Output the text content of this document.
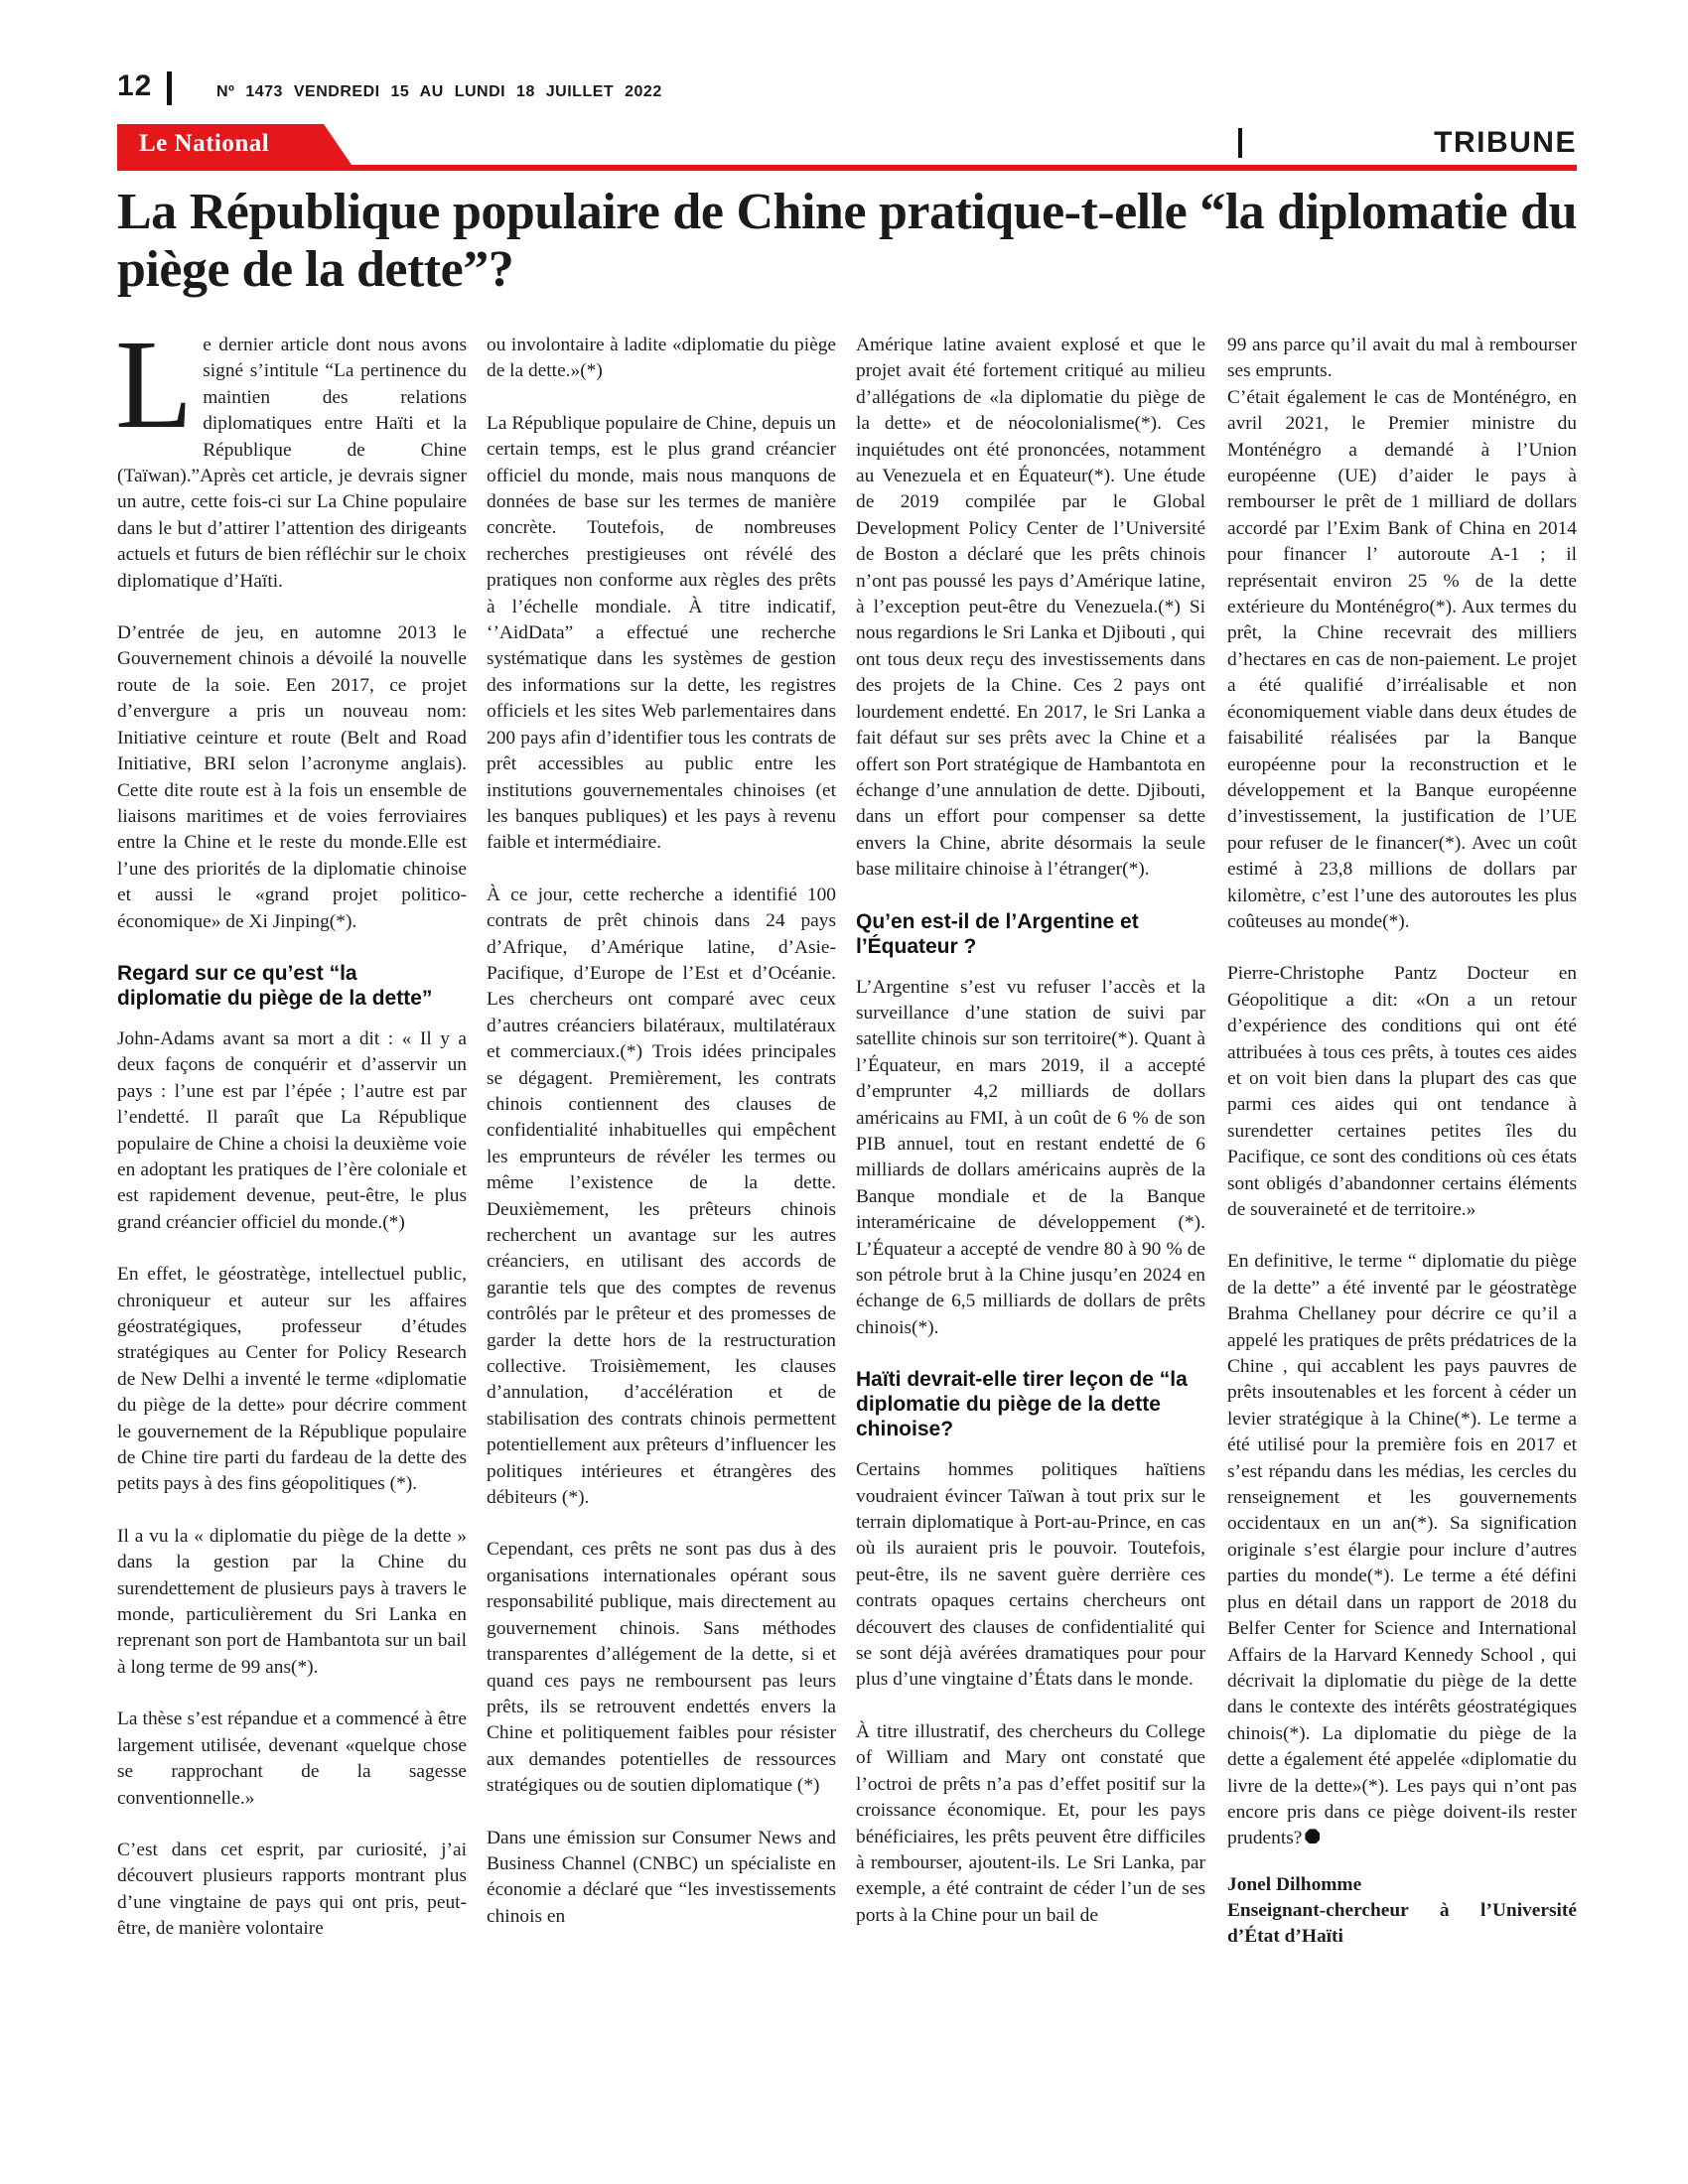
12	Nº 1473 VENDREDI 15 AU LUNDI 18 JUILLET 2022
Le National	TRIBUNE
La République populaire de Chine pratique-t-elle “la diplomatie du piège de la dette”?

Le dernier article dont nous avons signé s’intitule “La pertinence du maintien des relations diplomatiques entre Haïti et la République de Chine (Taïwan).”Après cet article, je devrais signer un autre, cette fois-ci sur La Chine populaire dans le but d’attirer l’attention des dirigeants actuels et futurs de bien réfléchir sur le choix diplomatique d’Haïti.

D’entrée de jeu, en automne 2013 le Gouvernement chinois a dévoilé la nouvelle route de la soie. Een 2017, ce projet d’envergure a pris un nouveau nom: Initiative ceinture et route (Belt and Road Initiative, BRI selon l’acronyme anglais). Cette dite route est à la fois un ensemble de liaisons maritimes et de voies ferroviaires entre la Chine et le reste du monde.Elle est l’une des priorités de la diplomatie chinoise et aussi le «grand projet politico-économique» de Xi Jinping(*).

Regard sur ce qu’est “la diplomatie du piège de la dette”

John-Adams avant sa mort a dit : « Il y a deux façons de conquérir et d’asservir un pays : l’une est par l’épée ; l’autre est par l’endetté. Il paraît que La République populaire de Chine a choisi la deuxième voie en adoptant les pratiques de l’ère coloniale et est rapidement devenue, peut-être, le plus grand créancier officiel du monde.(*)

En effet, le géostratège, intellectuel public, chroniqueur et auteur sur les affaires géostratégiques, professeur d’études stratégiques au Center for Policy Research de New Delhi a inventé le terme «diplomatie du piège de la dette» pour décrire comment le gouvernement de la République populaire de Chine tire parti du fardeau de la dette des petits pays à des fins géopolitiques (*).

Il a vu la « diplomatie du piège de la dette » dans la gestion par la Chine du surendettement de plusieurs pays à travers le monde, particulièrement du Sri Lanka en reprenant son port de Hambantota sur un bail à long terme de 99 ans(*).

La thèse s’est répandue et a commencé à être largement utilisée, devenant «quelque chose se rapprochant de la sagesse conventionnelle.»

C’est dans cet esprit, par curiosité, j’ai découvert plusieurs rapports montrant plus d’une vingtaine de pays qui ont pris, peut-être, de manière volontaire

ou involontaire à ladite «diplomatie du piège de la dette.»(*)

La République populaire de Chine, depuis un certain temps, est le plus grand créancier officiel du monde, mais nous manquons de données de base sur les termes de manière concrète. Toutefois, de nombreuses recherches prestigieuses ont révélé des pratiques non conforme aux règles des prêts à l’échelle mondiale. À titre indicatif, ‘’AidData” a effectué une recherche systématique dans les systèmes de gestion des informations sur la dette, les registres officiels et les sites Web parlementaires dans 200 pays afin d’identifier tous les contrats de prêt accessibles au public entre les institutions gouvernementales chinoises (et les banques publiques) et les pays à revenu faible et intermédiaire.

À ce jour, cette recherche a identifié 100 contrats de prêt chinois dans 24 pays d’Afrique, d’Amérique latine, d’Asie-Pacifique, d’Europe de l’Est et d’Océanie. Les chercheurs ont comparé avec ceux d’autres créanciers bilatéraux, multilatéraux et commerciaux.(*) Trois idées principales se dégagent. Premièrement, les contrats chinois contiennent des clauses de confidentialité inhabituelles qui empêchent les emprunteurs de révéler les termes ou même l’existence de la dette. Deuxièmement, les prêteurs chinois recherchent un avantage sur les autres créanciers, en utilisant des accords de garantie tels que des comptes de revenus contrôlés par le prêteur et des promesses de garder la dette hors de la restructuration collective. Troisièmement, les clauses d’annulation, d’accélération et de stabilisation des contrats chinois permettent potentiellement aux prêteurs d’influencer les politiques intérieures et étrangères des débiteurs (*).

Cependant, ces prêts ne sont pas dus à des organisations internationales opérant sous responsabilité publique, mais directement au gouvernement chinois. Sans méthodes transparentes d’allégement de la dette, si et quand ces pays ne remboursent pas leurs prêts, ils se retrouvent endettés envers la Chine et politiquement faibles pour résister aux demandes potentielles de ressources stratégiques ou de soutien diplomatique (*)

Dans une émission sur Consumer News and Business Channel (CNBC) un spécialiste en économie a déclaré que “les investissements chinois en

Amérique latine avaient explosé et que le projet avait été fortement critiqué au milieu d’allégations de «la diplomatie du piège de la dette» et de néocolonialisme(*). Ces inquiétudes ont été prononcées, notamment au Venezuela et en Équateur(*). Une étude de 2019 compilée par le Global Development Policy Center de l’Université de Boston a déclaré que les prêts chinois n’ont pas poussé les pays d’Amérique latine, à l’exception peut-être du Venezuela.(*) Si nous regardions le Sri Lanka et Djibouti , qui ont tous deux reçu des investissements dans des projets de la Chine. Ces 2 pays ont lourdement endetté. En 2017, le Sri Lanka a fait défaut sur ses prêts avec la Chine et a offert son Port stratégique de Hambantota en échange d’une annulation de dette. Djibouti, dans un effort pour compenser sa dette envers la Chine, abrite désormais la seule base militaire chinoise à l’étranger(*).

Qu’en est-il de l’Argentine et l’Équateur ?

L’Argentine s’est vu refuser l’accès et la surveillance d’une station de suivi par satellite chinois sur son territoire(*). Quant à l’Équateur, en mars 2019, il a accepté d’emprunter 4,2 milliards de dollars américains au FMI, à un coût de 6 % de son PIB annuel, tout en restant endetté de 6 milliards de dollars américains auprès de la Banque mondiale et de la Banque interaméricaine de développement (*). L’Équateur a accepté de vendre 80 à 90 % de son pétrole brut à la Chine jusqu’en 2024 en échange de 6,5 milliards de dollars de prêts chinois(*).

Haïti devrait-elle tirer leçon de “la diplomatie du piège de la dette chinoise?

Certains hommes politiques haïtiens voudraient évincer Taïwan à tout prix sur le terrain diplomatique à Port-au-Prince, en cas où ils auraient pris le pouvoir. Toutefois, peut-être, ils ne savent guère derrière ces contrats opaques certains chercheurs ont découvert des clauses de confidentialité qui se sont déjà avérées dramatiques pour pour plus d’une vingtaine d’États dans le monde.

À titre illustratif, des chercheurs du College of William and Mary ont constaté que l’octroi de prêts n’a pas d’effet positif sur la croissance économique. Et, pour les pays bénéficiaires, les prêts peuvent être difficiles à rembourser, ajoutent-ils. Le Sri Lanka, par exemple, a été contraint de céder l’un de ses ports à la Chine pour un bail de

99 ans parce qu’il avait du mal à rembourser ses emprunts.

C’était également le cas de Monténégro, en avril 2021, le Premier ministre du Monténégro a demandé à l’Union européenne (UE) d’aider le pays à rembourser le prêt de 1 milliard de dollars accordé par l’Exim Bank of China en 2014 pour financer l’ autoroute A-1 ; il représentait environ 25 % de la dette extérieure du Monténégro(*). Aux termes du prêt, la Chine recevrait des milliers d’hectares en cas de non-paiement. Le projet a été qualifié d’irréalisable et non économiquement viable dans deux études de faisabilité réalisées par la Banque européenne pour la reconstruction et le développement et la Banque européenne d’investissement, la justification de l’UE pour refuser de le financer(*). Avec un coût estimé à 23,8 millions de dollars par kilomètre, c’est l’une des autoroutes les plus coûteuses au monde(*).

Pierre-Christophe Pantz Docteur en Géopolitique a dit: «On a un retour d’expérience des conditions qui ont été attribuées à tous ces prêts, à toutes ces aides et on voit bien dans la plupart des cas que parmi ces aides qui ont tendance à surendetter certaines petites îles du Pacifique, ce sont des conditions où ces états sont obligés d’abandonner certains éléments de souveraineté et de territoire.»

En definitive, le terme “ diplomatie du piège de la dette” a été inventé par le géostratège Brahma Chellaney pour décrire ce qu’il a appelé les pratiques de prêts prédatrices de la Chine , qui accablent les pays pauvres de prêts insoutenables et les forcent à céder un levier stratégique à la Chine(*). Le terme a été utilisé pour la première fois en 2017 et s’est répandu dans les médias, les cercles du renseignement et les gouvernements occidentaux en un an(*). Sa signification originale s’est élargie pour inclure d’autres parties du monde(*). Le terme a été défini plus en détail dans un rapport de 2018 du Belfer Center for Science and International Affairs de la Harvard Kennedy School , qui décrivait la diplomatie du piège de la dette dans le contexte des intérêts géostratégiques chinois(*). La diplomatie du piège de la dette a également été appelée «diplomatie du livre de la dette»(*). Les pays qui n’ont pas encore pris dans ce piège doivent-ils rester prudents?

Jonel Dilhomme
Enseignant-chercheur à l’Université d’État d’Haïti
